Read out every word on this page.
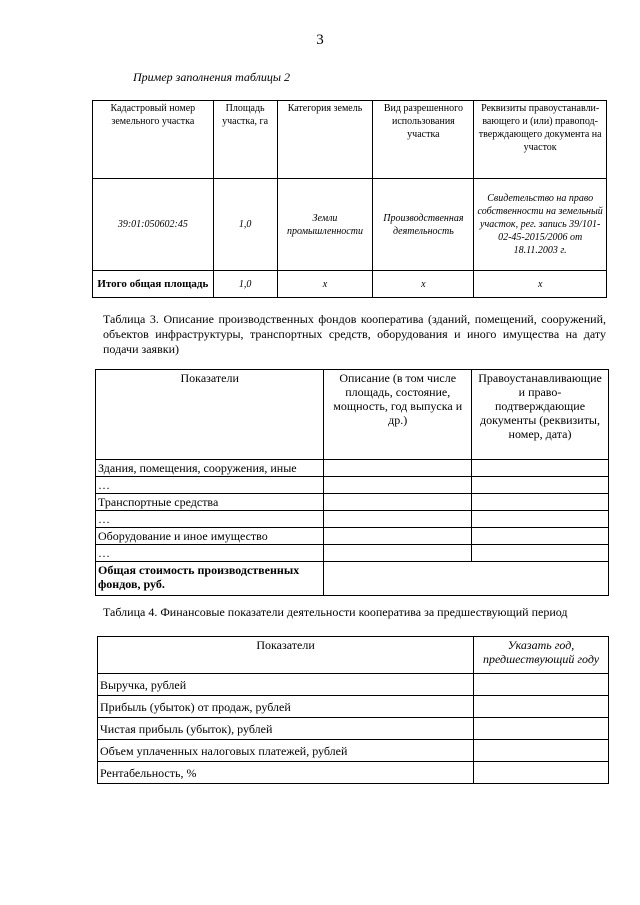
3
Пример заполнения таблицы 2
Кадастровый номер земельного участка	Площадь участка, га	Категория земель	Вид разрешенного использования участка	Реквизиты правоустанавли-вающего и (или) правопод-тверждающего документа на участок
39:01:050602:45	1,0	Земли промышленности	Производственная деятельность	Свидетельство на право собственности на земельный участок, рег. запись 39/101-02-45-2015/2006 от 18.11.2003 г.
Итого общая площадь	1,0	x	x	x
Таблица 3. Описание производственных фондов кооператива (зданий, помещений, сооружений, объектов инфраструктуры, транспортных средств, оборудования и иного имущества на дату подачи заявки)
Показатели	Описание (в том числе площадь, состояние, мощность, год выпуска и др.)	Правоустанавливающие и право-подтверждающие документы (реквизиты, номер, дата)
Здания, помещения, сооружения, иные		
…		
Транспортные средства		
…		
Оборудование и иное имущество		
…		
Общая стоимость производственных фондов, руб.		
Таблица 4. Финансовые показатели деятельности кооператива за предшествующий период
Показатели	Указать год, предшествующий году
Выручка, рублей	
Прибыль (убыток) от продаж, рублей	
Чистая прибыль (убыток), рублей	
Объем уплаченных налоговых платежей, рублей	
Рентабельность, %	
